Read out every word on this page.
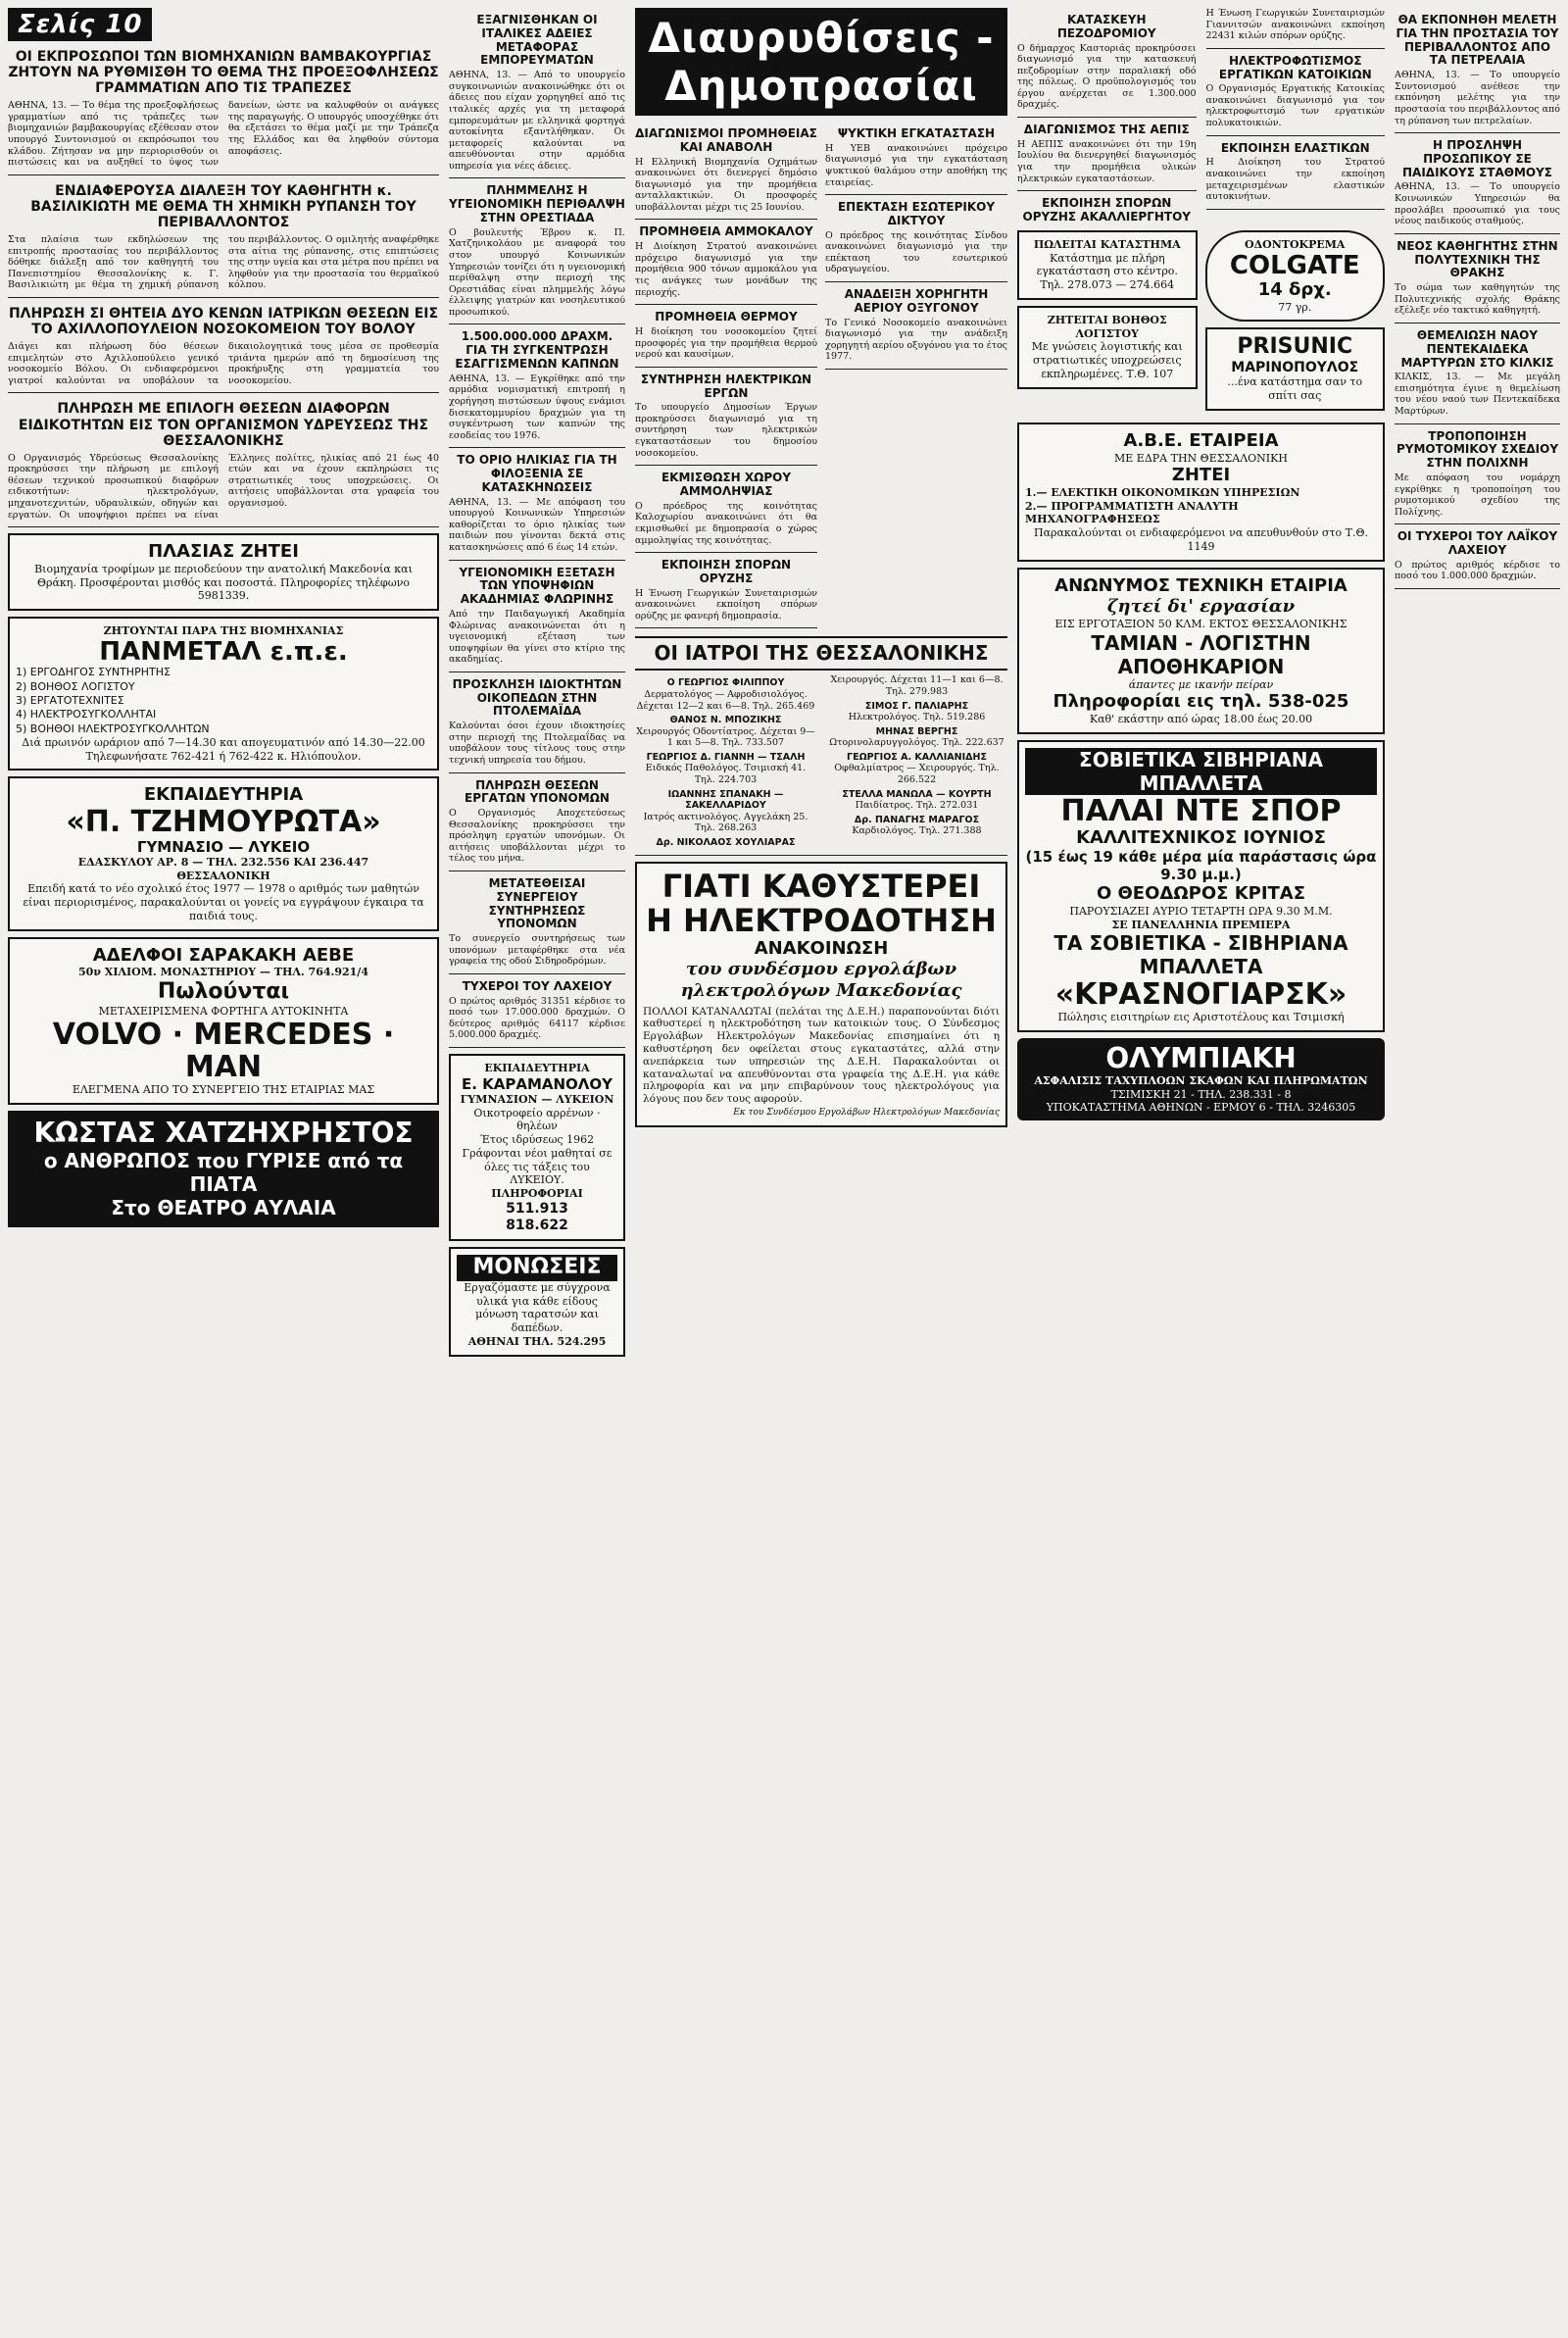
Σελίς 10
ΟΙ ΕΚΠΡΟΣΩΠΟΙ ΤΩΝ ΒΙΟΜΗΧΑΝΙΩΝ ΒΑΜΒΑΚΟΥΡΓΙΑΣ ΖΗΤΟΥΝ ΝΑ ΡΥΘΜΙΣΘΗ ΤΟ ΘΕΜΑ ΤΗΣ ΠΡΟΕΞΟΦΛΗΣΕΩΣ ΓΡΑΜΜΑΤΙΩΝ ΑΠΟ ΤΙΣ ΤΡΑΠΕΖΕΣ

ΑΘΗΝΑ, 13. — Το θέμα της προεξοφλήσεως γραμματίων από τις τράπεζες των βιομηχανιών βαμβακουργίας εξέθεσαν στον υπουργό Συντονισμού οι εκπρόσωποι του κλάδου. Ζήτησαν να μην περιορισθούν οι πιστώσεις και να αυξηθεί το ύψος των δανείων, ώστε να καλυφθούν οι ανάγκες της παραγωγής. Ο υπουργός υποσχέθηκε ότι θα εξετάσει το θέμα μαζί με την Τράπεζα της Ελλάδος και θα ληφθούν σύντομα αποφάσεις.

ΕΝΔΙΑΦΕΡΟΥΣΑ ΔΙΑΛΕΞΗ ΤΟΥ ΚΑΘΗΓΗΤΗ κ. ΒΑΣΙΛΙΚΙΩΤΗ ΜΕ ΘΕΜΑ ΤΗ ΧΗΜΙΚΗ ΡΥΠΑΝΣΗ ΤΟΥ ΠΕΡΙΒΑΛΛΟΝΤΟΣ

Στα πλαίσια των εκδηλώσεων της επιτροπής προστασίας του περιβάλλοντος δόθηκε διάλεξη από τον καθηγητή του Πανεπιστημίου Θεσσαλονίκης κ. Γ. Βασιλικιώτη με θέμα τη χημική ρύπανση του περιβάλλοντος. Ο ομιλητής αναφέρθηκε στα αίτια της ρύπανσης, στις επιπτώσεις της στην υγεία και στα μέτρα που πρέπει να ληφθούν για την προστασία του θερμαϊκού κόλπου.

ΠΛΗΡΩΣΗ ΣΙ ΘΗΤΕΙΑ ΔΥΟ ΚΕΝΩΝ ΙΑΤΡΙΚΩΝ ΘΕΣΕΩΝ ΕΙΣ ΤΟ ΑΧΙΛΛΟΠΟΥΛΕΙΟΝ ΝΟΣΟΚΟΜΕΙΟΝ ΤΟΥ ΒΟΛΟΥ

Διάγει και πλήρωση δύο θέσεων επιμελητών στο Αχιλλοπούλειο γενικό νοσοκομείο Βόλου. Οι ενδιαφερόμενοι γιατροί καλούνται να υποβάλουν τα δικαιολογητικά τους μέσα σε προθεσμία τριάντα ημερών από τη δημοσίευση της προκήρυξης στη γραμματεία του νοσοκομείου.

ΠΛΗΡΩΣΗ ΜΕ ΕΠΙΛΟΓΗ ΘΕΣΕΩΝ ΔΙΑΦΟΡΩΝ ΕΙΔΙΚΟΤΗΤΩΝ ΕΙΣ ΤΟΝ ΟΡΓΑΝΙΣΜΟΝ ΥΔΡΕΥΣΕΩΣ ΤΗΣ ΘΕΣΣΑΛΟΝΙΚΗΣ

Ο Οργανισμός Υδρεύσεως Θεσσαλονίκης προκηρύσσει την πλήρωση με επιλογή θέσεων τεχνικού προσωπικού διαφόρων ειδικοτήτων: ηλεκτρολόγων, μηχανοτεχνιτών, υδραυλικών, οδηγών και εργατών. Οι υποψήφιοι πρέπει να είναι Έλληνες πολίτες, ηλικίας από 21 έως 40 ετών και να έχουν εκπληρώσει τις στρατιωτικές τους υποχρεώσεις. Οι αιτήσεις υποβάλλονται στα γραφεία του οργανισμού.

ΠΛΑΣΙΑΣ ΖΗΤΕΙ
Βιομηχανία τροφίμων με περιοδεύουν την ανατολική Μακεδονία και Θράκη. Προσφέρονται μισθός και ποσοστά. Πληροφορίες τηλέφωνο 5981339.
ΖΗΤΟΥΝΤΑΙ ΠΑΡΑ ΤΗΣ ΒΙΟΜΗΧΑΝΙΑΣ
ΠΑΝΜΕΤΑΛ ε.π.ε.
1) ΕΡΓΟΔΗΓΟΣ ΣΥΝΤΗΡΗΤΗΣ
2) ΒΟΗΘΟΣ ΛΟΓΙΣΤΟΥ
3) ΕΡΓΑΤΟΤΕΧΝΙΤΕΣ
4) ΗΛΕΚΤΡΟΣΥΓΚΟΛΛΗΤΑΙ
5) ΒΟΗΘΟΙ ΗΛΕΚΤΡΟΣΥΓΚΟΛΛΗΤΩΝ
Διά πρωινόν ωράριον από 7—14.30 και απογευματινόν από 14.30—22.00
Τηλεφωνήσατε 762-421 ή 762-422 κ. Ηλιόπουλον.
ΕΚΠΑΙΔΕΥΤΗΡΙΑ
«Π. ΤΖΗΜΟΥΡΩΤΑ»
ΓΥΜΝΑΣΙΟ — ΛΥΚΕΙΟ
ΕΔΑΣΚΥΛΟΥ ΑΡ. 8 — ΤΗΛ. 232.556 ΚΑΙ 236.447
ΘΕΣΣΑΛΟΝΙΚΗ
Επειδή κατά το νέο σχολικό έτος 1977 — 1978 ο αριθμός των μαθητών είναι περιορισμένος, παρακαλούνται οι γονείς να εγγράψουν έγκαιρα τα παιδιά τους.
ΑΔΕΛΦΟΙ ΣΑΡΑΚΑΚΗ ΑΕΒΕ
50ν ΧΙΛΙΟΜ. ΜΟΝΑΣΤΗΡΙΟΥ — ΤΗΛ. 764.921/4
Πωλούνται
ΜΕΤΑΧΕΙΡΙΣΜΕΝΑ ΦΟΡΤΗΓΑ ΑΥΤΟΚΙΝΗΤΑ
VOLVO · MERCEDES · MAN
ΕΛΕΓΜΕΝΑ ΑΠΟ ΤΟ ΣΥΝΕΡΓΕΙΟ ΤΗΣ ΕΤΑΙΡΙΑΣ ΜΑΣ
ΚΩΣΤΑΣ ΧΑΤΖΗΧΡΗΣΤΟΣ
ο ΑΝΘΡΩΠΟΣ που ΓΥΡΙΣΕ από τα ΠΙΑΤΑ
Στο ΘΕΑΤΡΟ ΑΥΛΑΙΑ
ΕΞΑΓΝΙΣΘΗΚΑΝ ΟΙ ΙΤΑΛΙΚΕΣ ΑΔΕΙΕΣ ΜΕΤΑΦΟΡΑΣ ΕΜΠΟΡΕΥΜΑΤΩΝ

ΑΘΗΝΑ, 13. — Από το υπουργείο συγκοινωνιών ανακοινώθηκε ότι οι άδειες που είχαν χορηγηθεί από τις ιταλικές αρχές για τη μεταφορά εμπορευμάτων με ελληνικά φορτηγά αυτοκίνητα εξαντλήθηκαν. Οι μεταφορείς καλούνται να απευθύνονται στην αρμόδια υπηρεσία για νέες άδειες.

ΠΛΗΜΜΕΛΗΣ Η ΥΓΕΙΟΝΟΜΙΚΗ ΠΕΡΙΘΑΛΨΗ ΣΤΗΝ ΟΡΕΣΤΙΑΔΑ

Ο βουλευτής Έβρου κ. Π. Χατζηνικολάου με αναφορά του στον υπουργό Κοινωνικών Υπηρεσιών τονίζει ότι η υγειονομική περίθαλψη στην περιοχή της Ορεστιάδας είναι πλημμελής λόγω έλλειψης γιατρών και νοσηλευτικού προσωπικού.

1.500.000.000 ΔΡΑΧΜ. ΓΙΑ ΤΗ ΣΥΓΚΕΝΤΡΩΣΗ ΕΣΑΓΓΙΣΜΕΝΩΝ ΚΑΠΝΩΝ

ΑΘΗΝΑ, 13. — Εγκρίθηκε από την αρμόδια νομισματική επιτροπή η χορήγηση πιστώσεων ύψους ενάμισι δισεκατομμυρίου δραχμών για τη συγκέντρωση των καπνών της εσοδείας του 1976.

ΤΟ ΟΡΙΟ ΗΛΙΚΙΑΣ ΓΙΑ ΤΗ ΦΙΛΟΞΕΝΙΑ ΣΕ ΚΑΤΑΣΚΗΝΩΣΕΙΣ

ΑΘΗΝΑ, 13. — Με απόφαση του υπουργού Κοινωνικών Υπηρεσιών καθορίζεται το όριο ηλικίας των παιδιών που γίνονται δεκτά στις κατασκηνώσεις από 6 έως 14 ετών.

ΥΓΕΙΟΝΟΜΙΚΗ ΕΞΕΤΑΣΗ ΤΩΝ ΥΠΟΨΗΦΙΩΝ ΑΚΑΔΗΜΙΑΣ ΦΛΩΡΙΝΗΣ

Από την Παιδαγωγική Ακαδημία Φλώρινας ανακοινώνεται ότι η υγειονομική εξέταση των υποψηφίων θα γίνει στο κτίριο της ακαδημίας.

ΠΡΟΣΚΛΗΣΗ ΙΔΙΟΚΤΗΤΩΝ ΟΙΚΟΠΕΔΩΝ ΣΤΗΝ ΠΤΟΛΕΜΑΪΔΑ

Καλούνται όσοι έχουν ιδιοκτησίες στην περιοχή της Πτολεμαΐδας να υποβάλουν τους τίτλους τους στην τεχνική υπηρεσία του δήμου.

ΠΛΗΡΩΣΗ ΘΕΣΕΩΝ ΕΡΓΑΤΩΝ ΥΠΟΝΟΜΩΝ

Ο Οργανισμός Αποχετεύσεως Θεσσαλονίκης προκηρύσσει την πρόσληψη εργατών υπονόμων. Οι αιτήσεις υποβάλλονται μέχρι το τέλος του μήνα.

ΜΕΤΑΤΕΘΕΙΣΑΙ ΣΥΝΕΡΓΕΙΟΥ ΣΥΝΤΗΡΗΣΕΩΣ ΥΠΟΝΟΜΩΝ

Το συνεργείο συντηρήσεως των υπονόμων μεταφέρθηκε στα νέα γραφεία της οδού Σιδηροδρόμων.

ΤΥΧΕΡΟΙ ΤΟΥ ΛΑΧΕΙΟΥ

Ο πρώτος αριθμός 31351 κέρδισε το ποσό των 17.000.000 δραχμών. Ο δεύτερος αριθμός 64117 κέρδισε 5.000.000 δραχμές.

ΕΚΠΑΙΔΕΥΤΗΡΙΑ
Ε. ΚΑΡΑΜΑΝΟΛΟΥ
ΓΥΜΝΑΣΙΟΝ — ΛΥΚΕΙΟΝ
Οικοτροφείο αρρένων · θηλέων
Έτος ιδρύσεως 1962
Γράφονται νέοι μαθηταί σε όλες τις τάξεις του ΛΥΚΕΙΟΥ.
ΠΛΗΡΟΦΟΡΙΑΙ
511.913
818.622
ΜΟΝΩΣΕΙΣ
Εργαζόμαστε με σύγχρονα υλικά για κάθε είδους μόνωση ταρατσών και δαπέδων.
ΑΘΗΝΑΙ ΤΗΛ. 524.295
Διαυρυθίσεις - Δημοπρασίαι
ΔΙΑΓΩΝΙΣΜΟΙ ΠΡΟΜΗΘΕΙΑΣ ΚΑΙ ΑΝΑΒΟΛΗ

Η Ελληνική Βιομηχανία Οχημάτων ανακοινώνει ότι διενεργεί δημόσιο διαγωνισμό για την προμήθεια ανταλλακτικών. Οι προσφορές υποβάλλονται μέχρι τις 25 Ιουνίου.

ΠΡΟΜΗΘΕΙΑ ΑΜΜΟΚΑΛΟΥ

Η Διοίκηση Στρατού ανακοινώνει πρόχειρο διαγωνισμό για την προμήθεια 900 τόνων αμμοκάλου για τις ανάγκες των μονάδων της περιοχής.

ΠΡΟΜΗΘΕΙΑ ΘΕΡΜΟΥ

Η διοίκηση του νοσοκομείου ζητεί προσφορές για την προμήθεια θερμού νερού και καυσίμων.

ΣΥΝΤΗΡΗΣΗ ΗΛΕΚΤΡΙΚΩΝ ΕΡΓΩΝ

Το υπουργείο Δημοσίων Έργων προκηρύσσει διαγωνισμό για τη συντήρηση των ηλεκτρικών εγκαταστάσεων του δημοσίου νοσοκομείου.

ΕΚΜΙΣΘΩΣΗ ΧΩΡΟΥ ΑΜΜΟΛΗΨΙΑΣ

Ο πρόεδρος της κοινότητας Καλοχωρίου ανακοινώνει ότι θα εκμισθωθεί με δημοπρασία ο χώρος αμμοληψίας της κοινότητας.

ΕΚΠΟΙΗΣΗ ΣΠΟΡΩΝ ΟΡΥΖΗΣ

Η Ένωση Γεωργικών Συνεταιρισμών ανακοινώνει εκποίηση σπόρων ορύζης με φανερή δημοπρασία.

ΨΥΚΤΙΚΗ ΕΓΚΑΤΑΣΤΑΣΗ

Η ΥΕΒ ανακοινώνει πρόχειρο διαγωνισμό για την εγκατάσταση ψυκτικού θαλάμου στην αποθήκη της εταιρείας.

ΕΠΕΚΤΑΣΗ ΕΣΩΤΕΡΙΚΟΥ ΔΙΚΤΥΟΥ

Ο πρόεδρος της κοινότητας Σίνδου ανακοινώνει διαγωνισμό για την επέκταση του εσωτερικού υδραγωγείου.

ΑΝΑΔΕΙΞΗ ΧΟΡΗΓΗΤΗ ΑΕΡΙΟΥ ΟΞΥΓΟΝΟΥ

Το Γενικό Νοσοκομείο ανακοινώνει διαγωνισμό για την ανάδειξη χορηγητή αερίου οξυγόνου για το έτος 1977.

ΟΙ ΙΑΤΡΟΙ ΤΗΣ ΘΕΣΣΑΛΟΝΙΚΗΣ
Ο ΓΕΩΡΓΙΟΣ ΦΙΛΙΠΠΟΥ
Δερματολόγος — Αφροδισιολόγος. Δέχεται 12—2 και 6—8. Τηλ. 265.469
ΘΑΝΟΣ Ν. ΜΠΟΖΙΚΗΣ
Χειρουργός Οδοντίατρος. Δέχεται 9—1 και 5—8. Τηλ. 733.507
ΓΕΩΡΓΙΟΣ Δ. ΓΙΑΝΝΗ — ΤΣΑΛΗ
Ειδικός Παθολόγος. Τσιμισκή 41. Τηλ. 224.703
ΙΩΑΝΝΗΣ ΣΠΑΝΑΚΗ — ΣΑΚΕΛΛΑΡΙΔΟΥ
Ιατρός ακτινολόγος. Αγγελάκη 25. Τηλ. 268.263
Δρ. ΝΙΚΟΛΑΟΣ ΧΟΥΛΙΑΡΑΣ
Χειρουργός. Δέχεται 11—1 και 6—8. Τηλ. 279.983
ΣΙΜΟΣ Γ. ΠΑΛΙΑΡΗΣ
Ηλεκτρολόγος. Τηλ. 519.286
ΜΗΝΑΣ ΒΕΡΓΗΣ
Ωτορινολαρυγγολόγος. Τηλ. 222.637
ΓΕΩΡΓΙΟΣ Α. ΚΑΛΛΙΑΝΙΔΗΣ
Οφθαλμίατρος — Χειρουργός. Τηλ. 266.522
ΣΤΕΛΛΑ ΜΑΝΩΛΑ — ΚΟΥΡΤΗ
Παιδίατρος. Τηλ. 272.031
Δρ. ΠΑΝΑΓΗΣ ΜΑΡΑΓΟΣ
Καρδιολόγος. Τηλ. 271.388
ΓΙΑΤΙ ΚΑΘΥΣΤΕΡΕΙ
Η ΗΛΕΚΤΡΟΔΟΤΗΣΗ
ΑΝΑΚΟΙΝΩΣΗ
του συνδέσμου εργολάβων ηλεκτρολόγων Μακεδονίας

ΠΟΛΛΟΙ ΚΑΤΑΝΑΛΩΤΑΙ (πελάται της Δ.Ε.Η.) παραπονούνται διότι καθυστερεί η ηλεκτροδότηση των κατοικιών τους. Ο Σύνδεσμος Εργολάβων Ηλεκτρολόγων Μακεδονίας επισημαίνει ότι η καθυστέρηση δεν οφείλεται στους εγκαταστάτες, αλλά στην ανεπάρκεια των υπηρεσιών της Δ.Ε.Η. Παρακαλούνται οι καταναλωταί να απευθύνονται στα γραφεία της Δ.Ε.Η. για κάθε πληροφορία και να μην επιβαρύνουν τους ηλεκτρολόγους για λόγους που δεν τους αφορούν.

Εκ του Συνδέσμου Εργολάβων Ηλεκτρολόγων Μακεδονίας
ΚΑΤΑΣΚΕΥΗ ΠΕΖΟΔΡΟΜΙΟΥ

Ο δήμαρχος Καστοριάς προκηρύσσει διαγωνισμό για την κατασκευή πεζοδρομίων στην παραλιακή οδό της πόλεως. Ο προϋπολογισμός του έργου ανέρχεται σε 1.300.000 δραχμές.

ΔΙΑΓΩΝΙΣΜΟΣ ΤΗΣ ΑΕΠΙΣ

Η ΑΕΠΙΣ ανακοινώνει ότι την 19η Ιουλίου θα διενεργηθεί διαγωνισμός για την προμήθεια υλικών ηλεκτρικών εγκαταστάσεων.

ΕΚΠΟΙΗΣΗ ΣΠΟΡΩΝ ΟΡΥΖΗΣ ΑΚΑΛΛΙΕΡΓΗΤΟΥ

Η Ένωση Γεωργικών Συνεταιρισμών Γιαννιτσών ανακοινώνει εκποίηση 22431 κιλών σπόρων ορύζης.

ΗΛΕΚΤΡΟΦΩΤΙΣΜΟΣ ΕΡΓΑΤΙΚΩΝ ΚΑΤΟΙΚΙΩΝ

Ο Οργανισμός Εργατικής Κατοικίας ανακοινώνει διαγωνισμό για τον ηλεκτροφωτισμό των εργατικών πολυκατοικιών.

ΕΚΠΟΙΗΣΗ ΕΛΑΣΤΙΚΩΝ

Η Διοίκηση του Στρατού ανακοινώνει την εκποίηση μεταχειρισμένων ελαστικών αυτοκινήτων.

ΠΩΛΕΙΤΑΙ ΚΑΤΑΣΤΗΜΑ
Κατάστημα με πλήρη εγκατάσταση στο κέντρο. Τηλ. 278.073 — 274.664
ΖΗΤΕΙΤΑΙ ΒΟΗΘΟΣ ΛΟΓΙΣΤΟΥ
Με γνώσεις λογιστικής και στρατιωτικές υποχρεώσεις εκπληρωμένες. Τ.Θ. 107
ΟΔΟΝΤΟΚΡΕΜΑ
COLGATE
14 δρχ.
77 γρ.
PRISUNIC
ΜΑΡΙΝΟΠΟΥΛΟΣ
...ένα κατάστημα σαν το σπίτι σας
Α.Β.Ε. ΕΤΑΙΡΕΙΑ
ΜΕ ΕΔΡΑ ΤΗΝ ΘΕΣΣΑΛΟΝΙΚΗ
ΖΗΤΕΙ
1.— ΕΛΕΚΤΙΚΗ ΟΙΚΟΝΟΜΙΚΩΝ ΥΠΗΡΕΣΙΩΝ
2.— ΠΡΟΓΡΑΜΜΑΤΙΣΤΗ ΑΝΑΛΥΤΗ ΜΗΧΑΝΟΓΡΑΦΗΣΕΩΣ
Παρακαλούνται οι ενδιαφερόμενοι να απευθυνθούν στο Τ.Θ. 1149
ΑΝΩΝΥΜΟΣ ΤΕΧΝΙΚΗ ΕΤΑΙΡΙΑ
ζητεί δι' εργασίαν
ΕΙΣ ΕΡΓΟΤΑΞΙΟΝ 50 ΚΛΜ. ΕΚΤΟΣ ΘΕΣΣΑΛΟΝΙΚΗΣ
ΤΑΜΙΑΝ - ΛΟΓΙΣΤΗΝ ΑΠΟΘΗΚΑΡΙΟΝ
άπαντες με ικανήν πείραν
Πληροφορίαι εις τηλ. 538-025
Καθ' εκάστην από ώρας 18.00 έως 20.00
ΣΟΒΙΕΤΙΚΑ ΣΙΒΗΡΙΑΝΑ ΜΠΑΛΛΕΤΑ
ΠΑΛΑΙ ΝΤΕ ΣΠΟΡ
ΚΑΛΛΙΤΕΧΝΙΚΟΣ ΙΟΥΝΙΟΣ
(15 έως 19 κάθε μέρα μία παράστασις ώρα 9.30 μ.μ.)
Ο ΘΕΟΔΩΡΟΣ ΚΡΙΤΑΣ
ΠΑΡΟΥΣΙΑΖΕΙ ΑΥΡΙΟ ΤΕΤΑΡΤΗ ΩΡΑ 9.30 Μ.Μ.
ΣΕ ΠΑΝΕΛΛΗΝΙΑ ΠΡΕΜΙΕΡΑ
ΤΑ ΣΟΒΙΕΤΙΚΑ - ΣΙΒΗΡΙΑΝΑ ΜΠΑΛΛΕΤΑ
«ΚΡΑΣΝΟΓΙΑΡΣΚ»
Πώλησις εισιτηρίων εις Αριστοτέλους και Τσιμισκή
ΟΛΥΜΠΙΑΚΗ
ΑΣΦΑΛΙΣΙΣ ΤΑΧΥΠΛΟΩΝ ΣΚΑΦΩΝ ΚΑΙ ΠΛΗΡΩΜΑΤΩΝ
ΤΣΙΜΙΣΚΗ 21 - ΤΗΛ. 238.331 - 8
ΥΠΟΚΑΤΑΣΤΗΜΑ ΑΘΗΝΩΝ - ΕΡΜΟΥ 6 - ΤΗΛ. 3246305
ΘΑ ΕΚΠΟΝΗΘΗ ΜΕΛΕΤΗ ΓΙΑ ΤΗΝ ΠΡΟΣΤΑΣΙΑ ΤΟΥ ΠΕΡΙΒΑΛΛΟΝΤΟΣ ΑΠΟ ΤΑ ΠΕΤΡΕΛΑΙΑ

ΑΘΗΝΑ, 13. — Το υπουργείο Συντονισμού ανέθεσε την εκπόνηση μελέτης για την προστασία του περιβάλλοντος από τη ρύπανση των πετρελαίων.

Η ΠΡΟΣΛΗΨΗ ΠΡΟΣΩΠΙΚΟΥ ΣΕ ΠΑΙΔΙΚΟΥΣ ΣΤΑΘΜΟΥΣ

ΑΘΗΝΑ, 13. — Το υπουργείο Κοινωνικών Υπηρεσιών θα προσλάβει προσωπικό για τους νέους παιδικούς σταθμούς.

ΝΕΟΣ ΚΑΘΗΓΗΤΗΣ ΣΤΗΝ ΠΟΛΥΤΕΧΝΙΚΗ ΤΗΣ ΘΡΑΚΗΣ

Το σώμα των καθηγητών της Πολυτεχνικής σχολής Θράκης εξέλεξε νέο τακτικό καθηγητή.

ΘΕΜΕΛΙΩΣΗ ΝΑΟΥ ΠΕΝΤΕΚΑΙΔΕΚΑ ΜΑΡΤΥΡΩΝ ΣΤΟ ΚΙΛΚΙΣ

ΚΙΛΚΙΣ, 13. — Με μεγάλη επισημότητα έγινε η θεμελίωση του νέου ναού των Πεντεκαίδεκα Μαρτύρων.

ΤΡΟΠΟΠΟΙΗΣΗ ΡΥΜΟΤΟΜΙΚΟΥ ΣΧΕΔΙΟΥ ΣΤΗΝ ΠΟΛΙΧΝΗ

Με απόφαση του νομάρχη εγκρίθηκε η τροποποίηση του ρυμοτομικού σχεδίου της Πολίχνης.

ΟΙ ΤΥΧΕΡΟΙ ΤΟΥ ΛΑΪΚΟΥ ΛΑΧΕΙΟΥ

Ο πρώτος αριθμός κέρδισε το ποσό του 1.000.000 δραχμών.
